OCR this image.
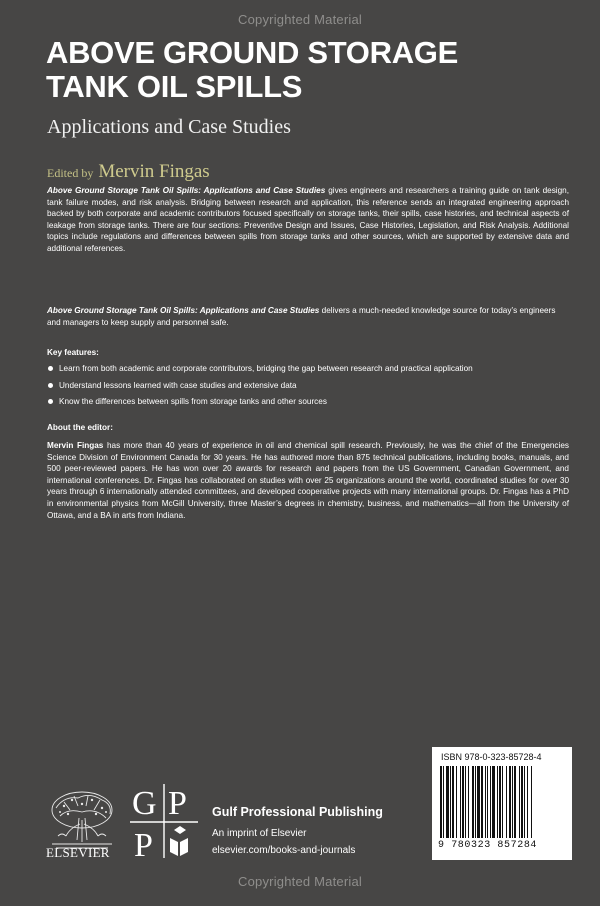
Copyrighted Material
ABOVE GROUND STORAGE
TANK OIL SPILLS
Applications and Case Studies
Edited by Mervin Fingas
Above Ground Storage Tank Oil Spills: Applications and Case Studies gives engineers and researchers a training guide on tank design, tank failure modes, and risk analysis. Bridging between research and application, this reference sends an integrated engineering approach backed by both corporate and academic contributors focused specifically on storage tanks, their spills, case histories, and technical aspects of leakage from storage tanks. There are four sections: Preventive Design and Issues, Case Histories, Legislation, and Risk Analysis. Additional topics include regulations and differences between spills from storage tanks and other sources, which are supported by extensive data and additional references.
Above Ground Storage Tank Oil Spills: Applications and Case Studies delivers a much-needed knowledge source for today’s engineers and managers to keep supply and personnel safe.
Key features:
Learn from both academic and corporate contributors, bridging the gap between research and practical application
Understand lessons learned with case studies and extensive data
Know the differences between spills from storage tanks and other sources
About the editor:
Mervin Fingas has more than 40 years of experience in oil and chemical spill research. Previously, he was the chief of the Emergencies Science Division of Environment Canada for 30 years. He has authored more than 875 technical publications, including books, manuals, and 500 peer-reviewed papers. He has won over 20 awards for research and papers from the US Government, Canadian Government, and international conferences. Dr. Fingas has collaborated on studies with over 25 organizations around the world, coordinated studies for over 30 years through 6 internationally attended committees, and developed cooperative projects with many international groups. Dr. Fingas has a PhD in environmental physics from McGill University, three Master’s degrees in chemistry, business, and mathematics—all from the University of Ottawa, and a BA in arts from Indiana.
ELSEVIER
G P
P
Gulf Professional Publishing
An imprint of Elsevier
elsevier.com/books-and-journals
ISBN 978-0-323-85728-4
9 780323 857284
Copyrighted Material
